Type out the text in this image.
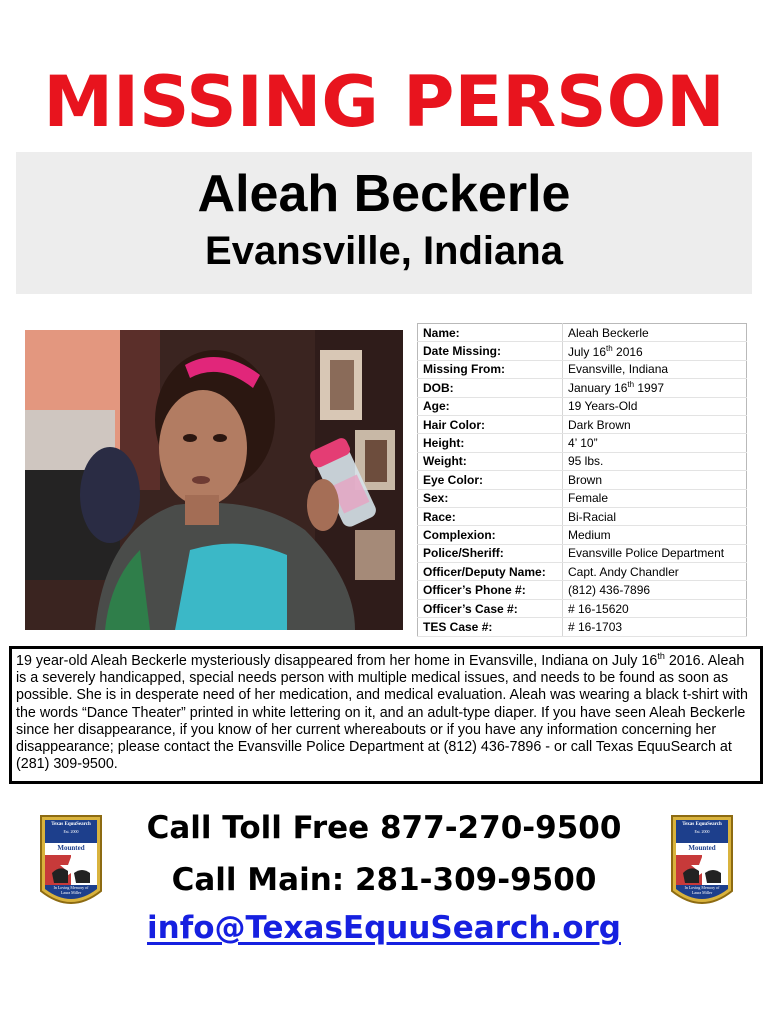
MISSING PERSON
Aleah Beckerle
Evansville, Indiana
Name:	Aleah Beckerle
Date Missing:	July 16th 2016
Missing From:	Evansville, Indiana
DOB:	January 16th 1997
Age:	19 Years-Old
Hair Color:	Dark Brown
Height:	4’ 10”
Weight:	95 lbs.
Eye Color:	Brown
Sex:	Female
Race:	Bi-Racial
Complexion:	Medium
Police/Sheriff:	Evansville Police Department
Officer/Deputy Name:	Capt. Andy Chandler
Officer’s Phone #:	(812) 436-7896
Officer’s Case #:	# 16-15620
TES Case #:	# 16-1703
19 year-old Aleah Beckerle mysteriously disappeared from her home in Evansville, Indiana on July 16th 2016. Aleah is a severely handicapped, special needs person with multiple medical issues, and needs to be found as soon as possible. She is in desperate need of her medication, and medical evaluation. Aleah was wearing a black t-shirt with the words “Dance Theater” printed in white lettering on it, and an adult-type diaper. If you have seen Aleah Beckerle since her disappearance, if you know of her current whereabouts or if you have any information concerning her disappearance; please contact the Evansville Police Department at (812) 436-7896 - or call Texas EquuSearch at (281) 309-9500.
Texas EquuSearch
Est. 2000
Mounted
In Loving Memory of Laura Miller
Texas EquuSearch
Est. 2000
Mounted
In Loving Memory of Laura Miller
Call Toll Free 877-270-9500
Call Main: 281-309-9500
info@TexasEquuSearch.org
